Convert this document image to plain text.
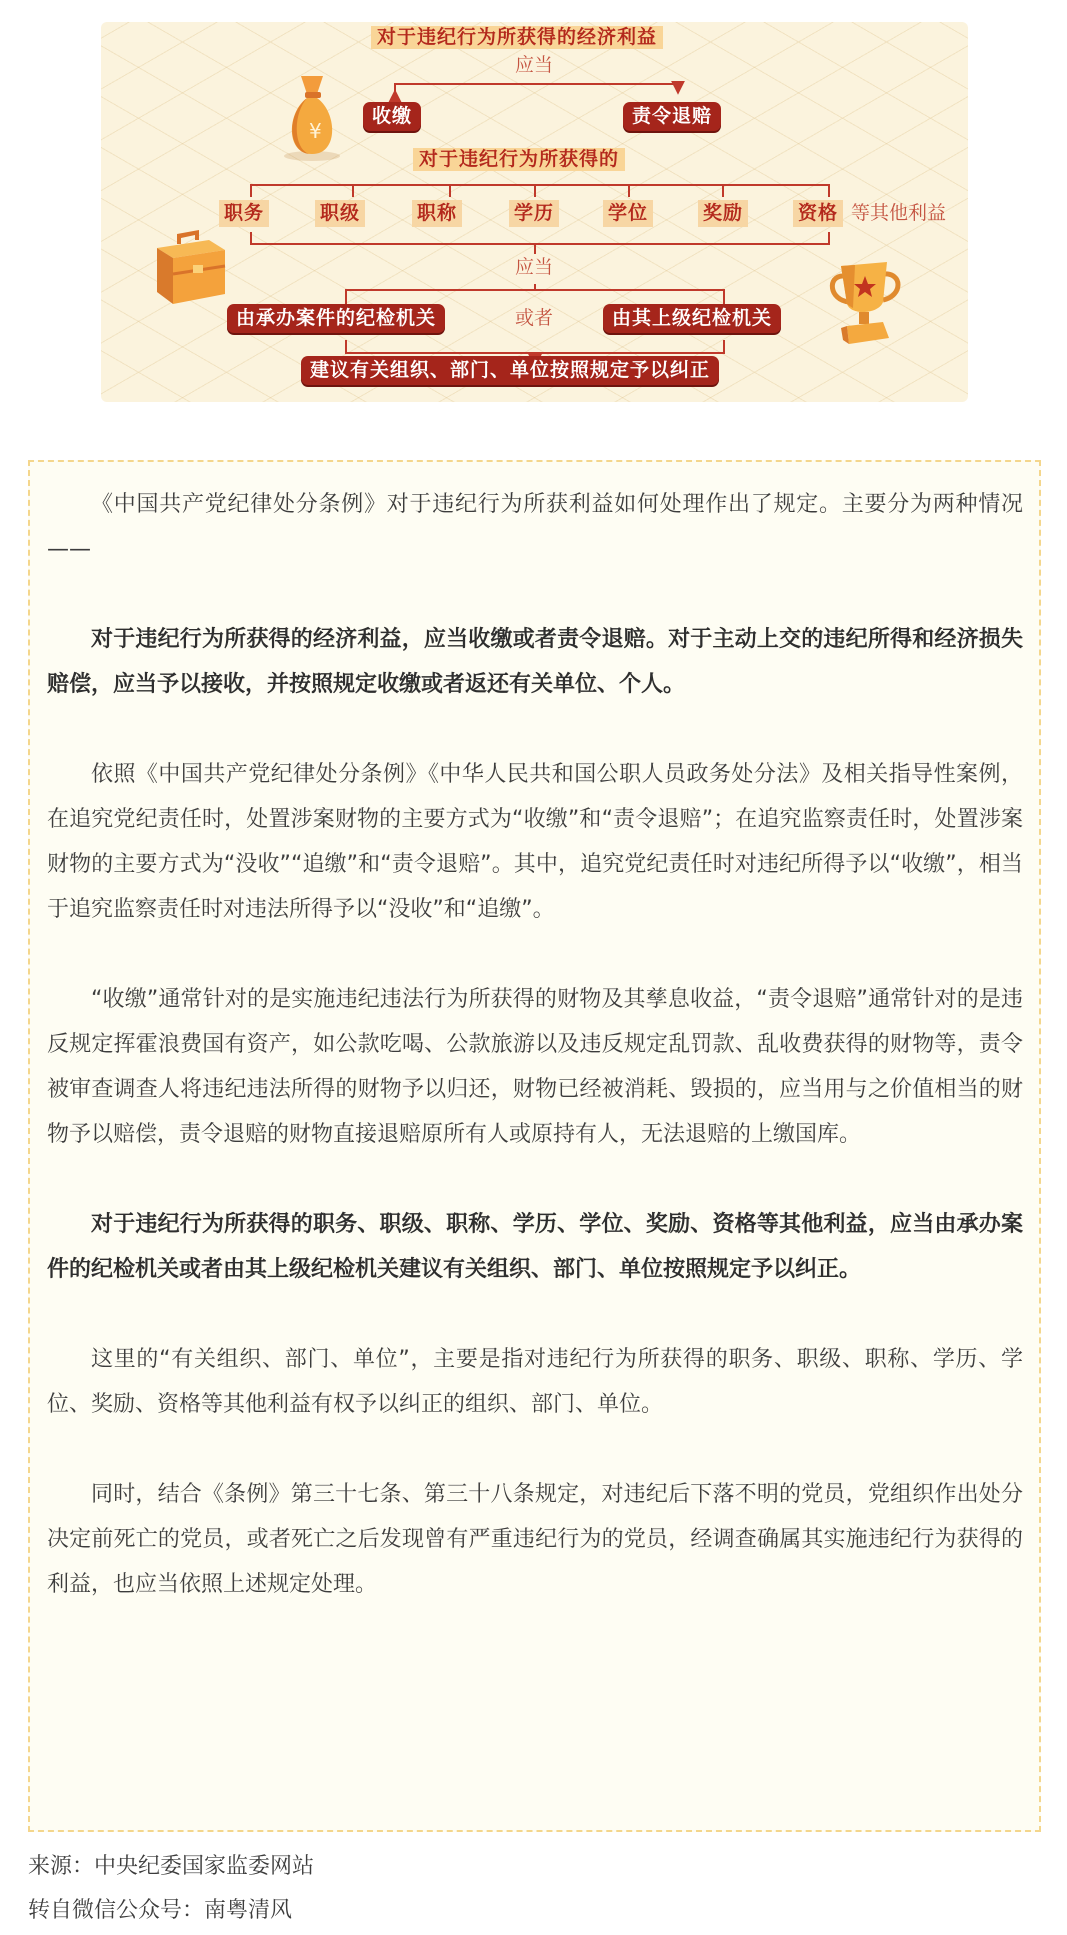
¥
对于违纪行为所获得的经济利益
应当
收缴	责令退赔
对于违纪行为所获得的
职务	职级	职称	学历	学位	奖励	资格 等其他利益
应当
由承办案件的纪检机关	或者	由其上级纪检机关
建议有关组织、部门、单位按照规定予以纠正

《中国共产党纪律处分条例》对于违纪行为所获利益如何处理作出了规定。主要分为两种情况——

对于违纪行为所获得的经济利益，应当收缴或者责令退赔。对于主动上交的违纪所得和经济损失赔偿，应当予以接收，并按照规定收缴或者返还有关单位、个人。

依照《中国共产党纪律处分条例》《中华人民共和国公职人员政务处分法》及相关指导性案例，在追究党纪责任时，处置涉案财物的主要方式为“收缴”和“责令退赔”；在追究监察责任时，处置涉案财物的主要方式为“没收”“追缴”和“责令退赔”。其中，追究党纪责任时对违纪所得予以“收缴”，相当于追究监察责任时对违法所得予以“没收”和“追缴”。

“收缴”通常针对的是实施违纪违法行为所获得的财物及其孳息收益，“责令退赔”通常针对的是违反规定挥霍浪费国有资产，如公款吃喝、公款旅游以及违反规定乱罚款、乱收费获得的财物等，责令被审查调查人将违纪违法所得的财物予以归还，财物已经被消耗、毁损的，应当用与之价值相当的财物予以赔偿，责令退赔的财物直接退赔原所有人或原持有人，无法退赔的上缴国库。

对于违纪行为所获得的职务、职级、职称、学历、学位、奖励、资格等其他利益，应当由承办案件的纪检机关或者由其上级纪检机关建议有关组织、部门、单位按照规定予以纠正。

这里的“有关组织、部门、单位”，主要是指对违纪行为所获得的职务、职级、职称、学历、学位、奖励、资格等其他利益有权予以纠正的组织、部门、单位。

同时，结合《条例》第三十七条、第三十八条规定，对违纪后下落不明的党员，党组织作出处分决定前死亡的党员，或者死亡之后发现曾有严重违纪行为的党员，经调查确属其实施违纪行为获得的利益，也应当依照上述规定处理。

来源：中央纪委国家监委网站
转自微信公众号：南粤清风
